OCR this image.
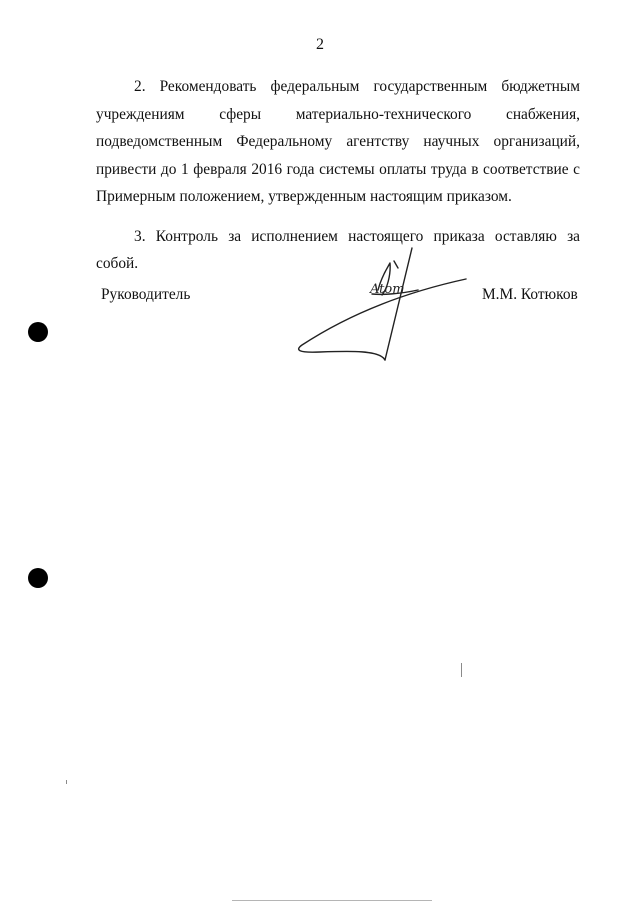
2

2. Рекомендовать федеральным государственным бюджетным учреждениям сферы материально-технического снабжения, подведомственным Федеральному агентству научных организаций, привести до 1 февраля 2016 года системы оплаты труда в соответствие с Примерным положением, утвержденным настоящим приказом.

3. Контроль за исполнением настоящего приказа оставляю за собой.

Руководитель	Atom	М.М. Котюков
